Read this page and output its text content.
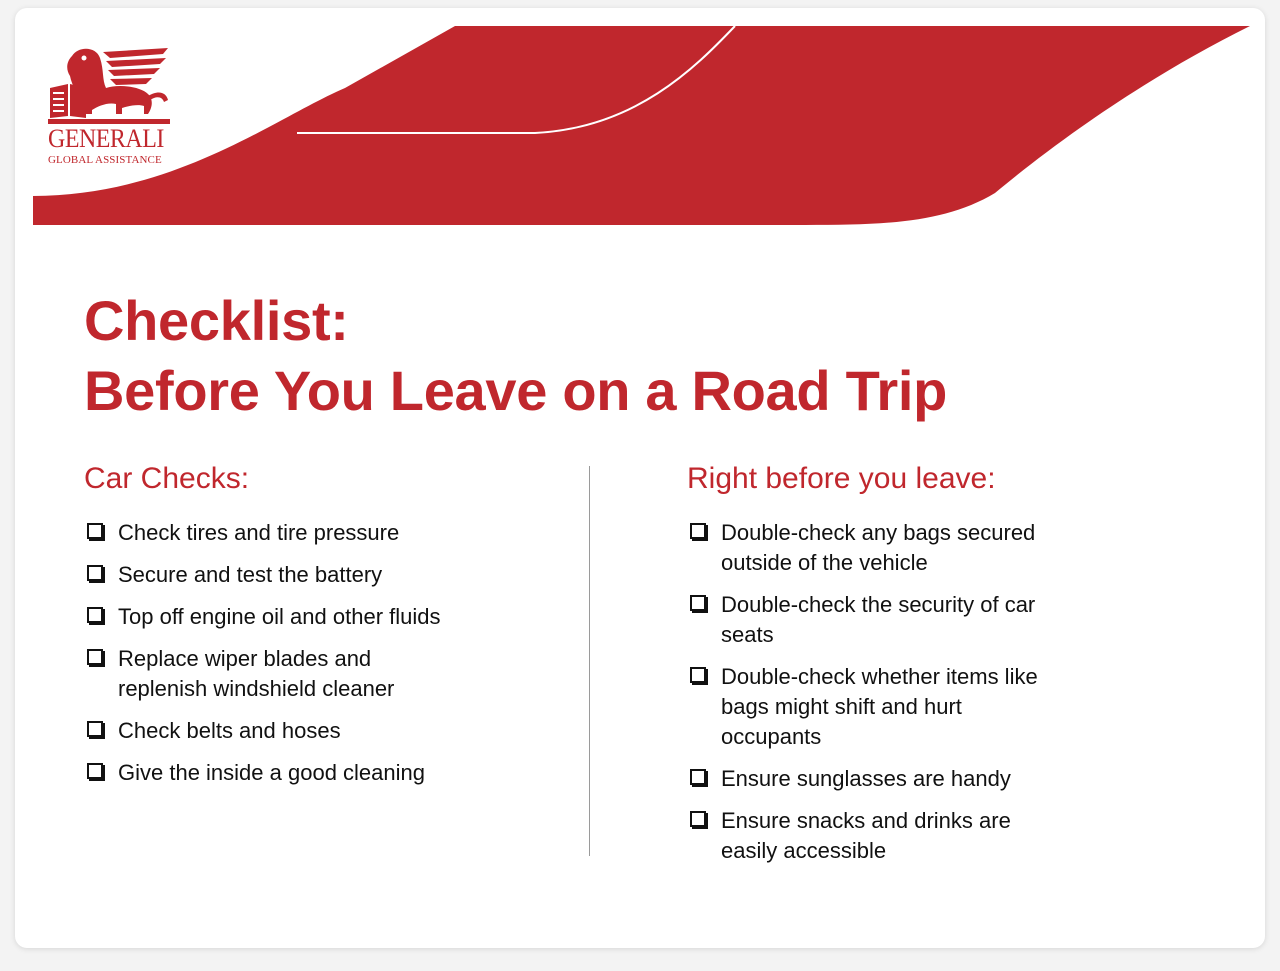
GENERALI
GLOBAL ASSISTANCE
Checklist:
Before You Leave on a Road Trip
Car Checks:
Check tires and tire pressure
Secure and test the battery
Top off engine oil and other fluids
Replace wiper blades and replenish windshield cleaner
Check belts and hoses
Give the inside a good cleaning
Right before you leave:
Double-check any bags secured outside of the vehicle
Double-check the security of car seats
Double-check whether items like bags might shift and hurt occupants
Ensure sunglasses are handy
Ensure snacks and drinks are easily accessible
